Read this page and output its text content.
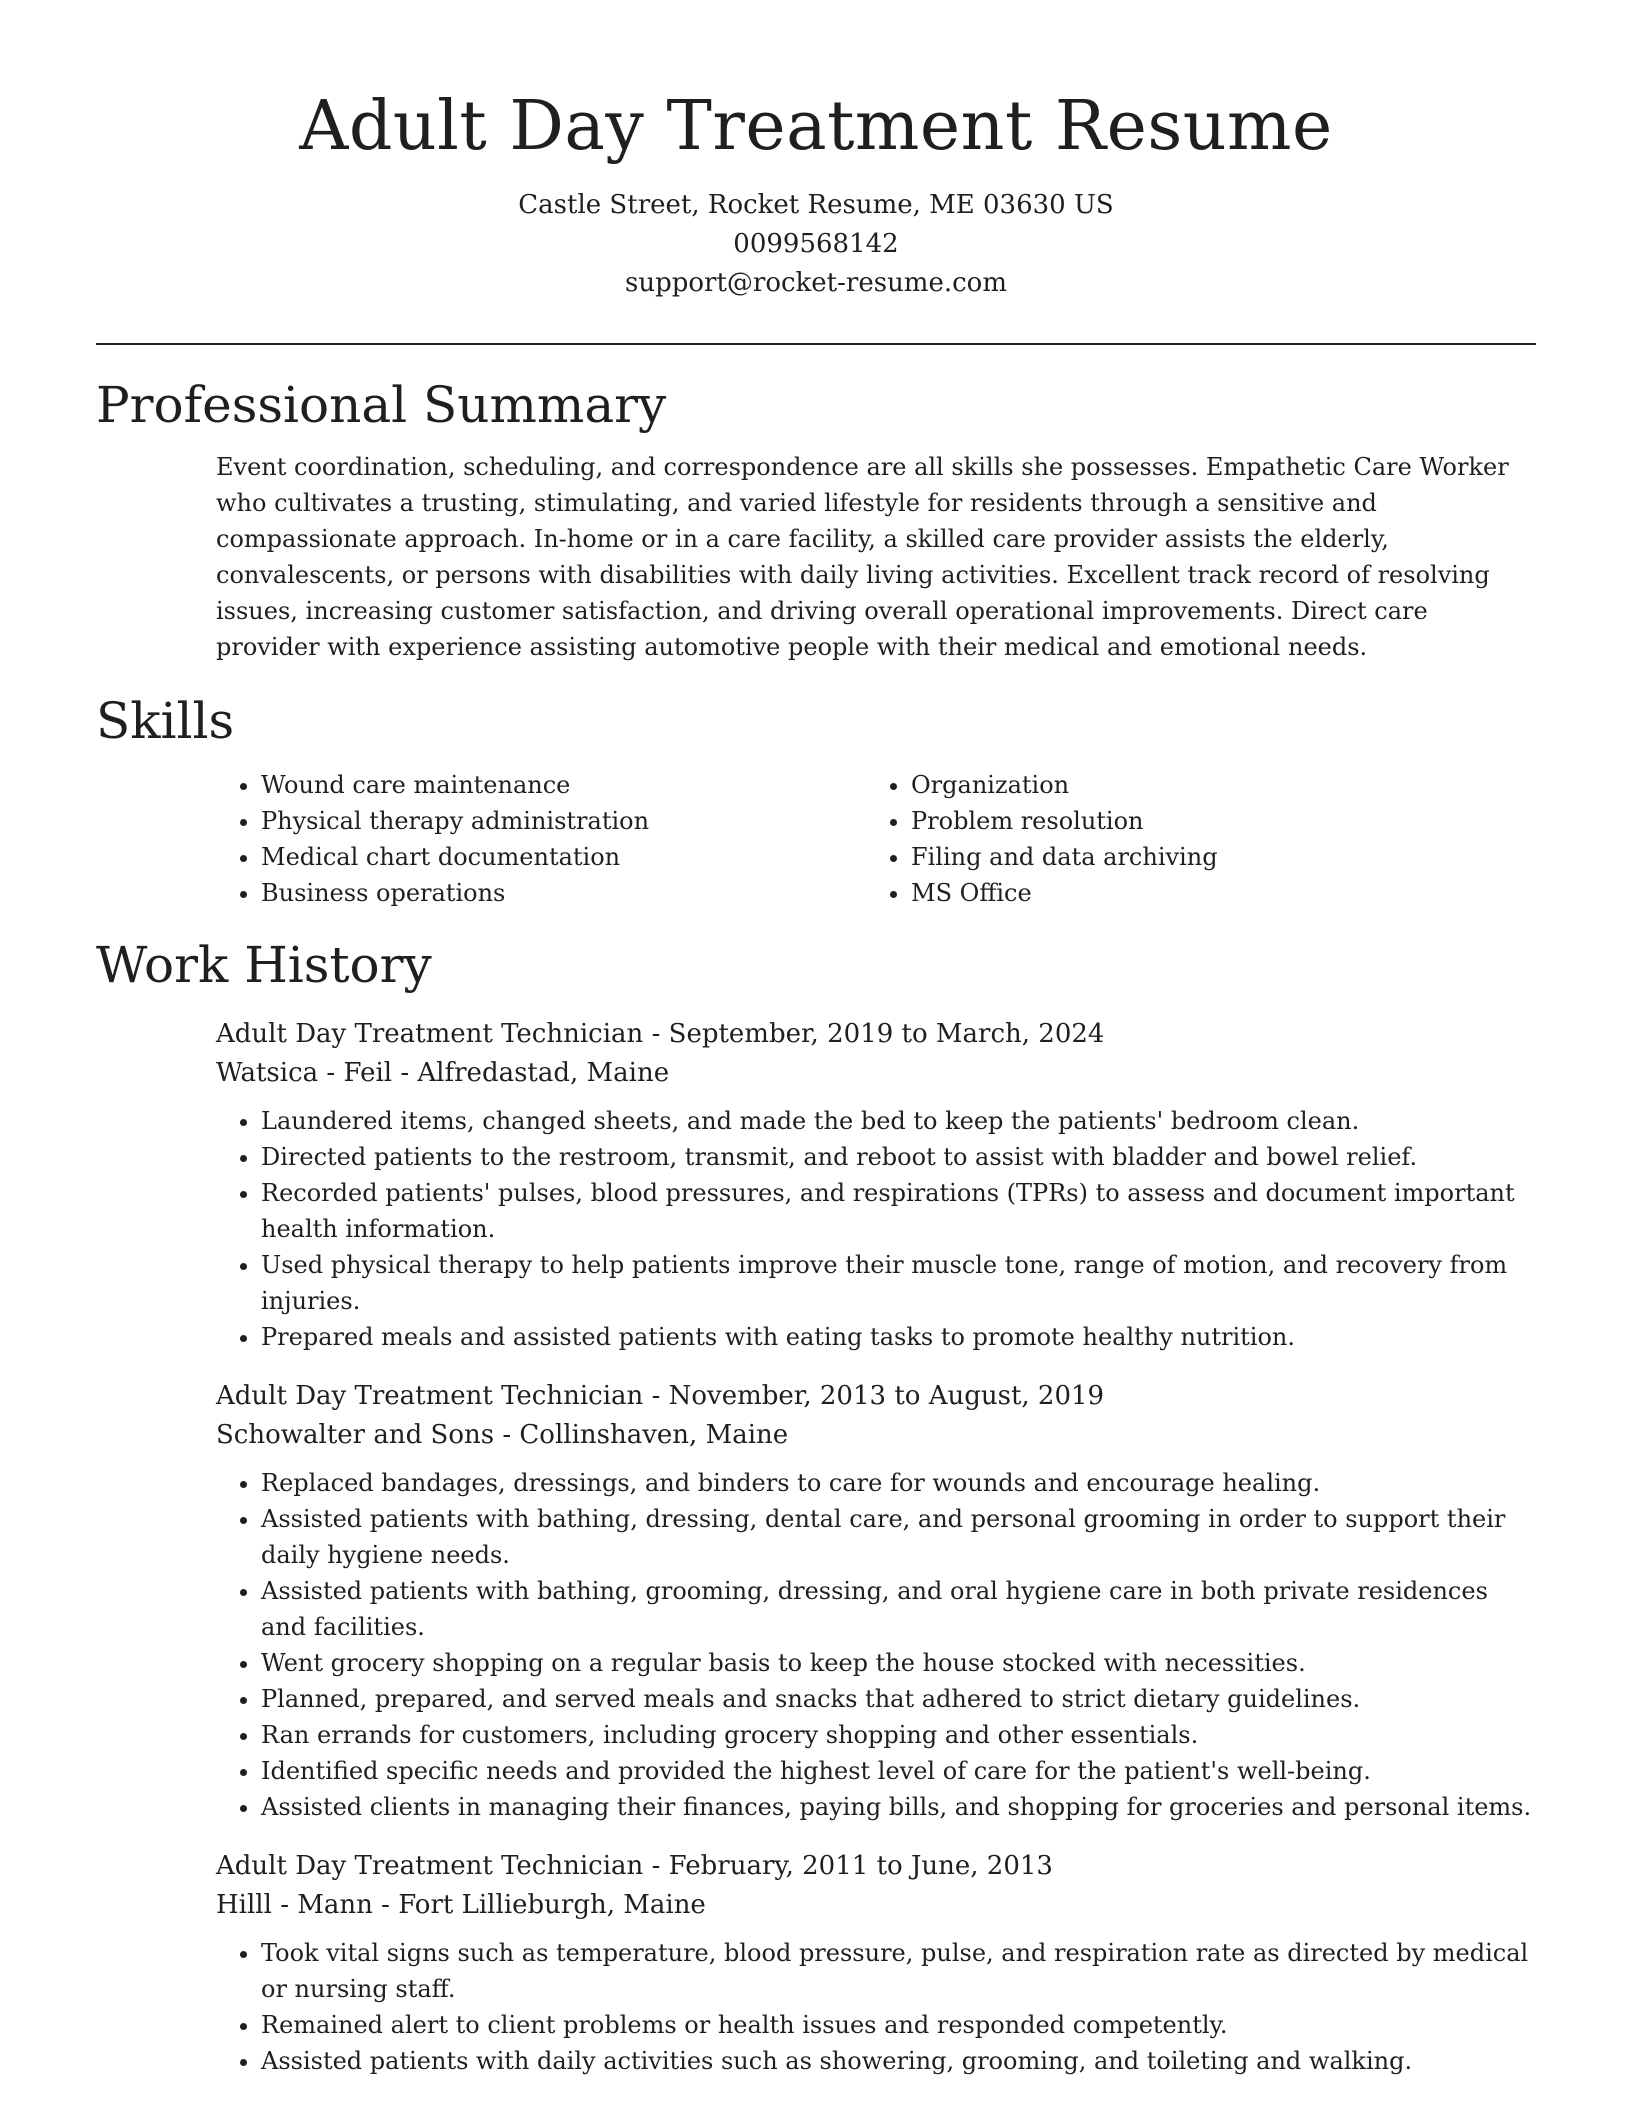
Adult Day Treatment Resume
Castle Street, Rocket Resume, ME 03630 US
0099568142
support@rocket-resume.com
Professional Summary

Event coordination, scheduling, and correspondence are all skills she possesses. Empathetic Care Worker who cultivates a trusting, stimulating, and varied lifestyle for residents through a sensitive and compassionate approach. In-home or in a care facility, a skilled care provider assists the elderly, convalescents, or persons with disabilities with daily living activities. Excellent track record of resolving issues, increasing customer satisfaction, and driving overall operational improvements. Direct care provider with experience assisting automotive people with their medical and emotional needs.

Skills
• Wound care maintenance
• Physical therapy administration
• Medical chart documentation
• Business operations
• Organization
• Problem resolution
• Filing and data archiving
• MS Office
Work History
Adult Day Treatment Technician - September, 2019 to March, 2024
Watsica - Feil - Alfredastad, Maine
• Laundered items, changed sheets, and made the bed to keep the patients' bedroom clean.
• Directed patients to the restroom, transmit, and reboot to assist with bladder and bowel relief.
• Recorded patients' pulses, blood pressures, and respirations (TPRs) to assess and document important health information.
• Used physical therapy to help patients improve their muscle tone, range of motion, and recovery from injuries.
• Prepared meals and assisted patients with eating tasks to promote healthy nutrition.
Adult Day Treatment Technician - November, 2013 to August, 2019
Schowalter and Sons - Collinshaven, Maine
• Replaced bandages, dressings, and binders to care for wounds and encourage healing.
• Assisted patients with bathing, dressing, dental care, and personal grooming in order to support their daily hygiene needs.
• Assisted patients with bathing, grooming, dressing, and oral hygiene care in both private residences and facilities.
• Went grocery shopping on a regular basis to keep the house stocked with necessities.
• Planned, prepared, and served meals and snacks that adhered to strict dietary guidelines.
• Ran errands for customers, including grocery shopping and other essentials.
• Identified specific needs and provided the highest level of care for the patient's well-being.
• Assisted clients in managing their finances, paying bills, and shopping for groceries and personal items.
Adult Day Treatment Technician - February, 2011 to June, 2013
Hilll - Mann - Fort Lillieburgh, Maine
• Took vital signs such as temperature, blood pressure, pulse, and respiration rate as directed by medical or nursing staff.
• Remained alert to client problems or health issues and responded competently.
• Assisted patients with daily activities such as showering, grooming, and toileting and walking.
